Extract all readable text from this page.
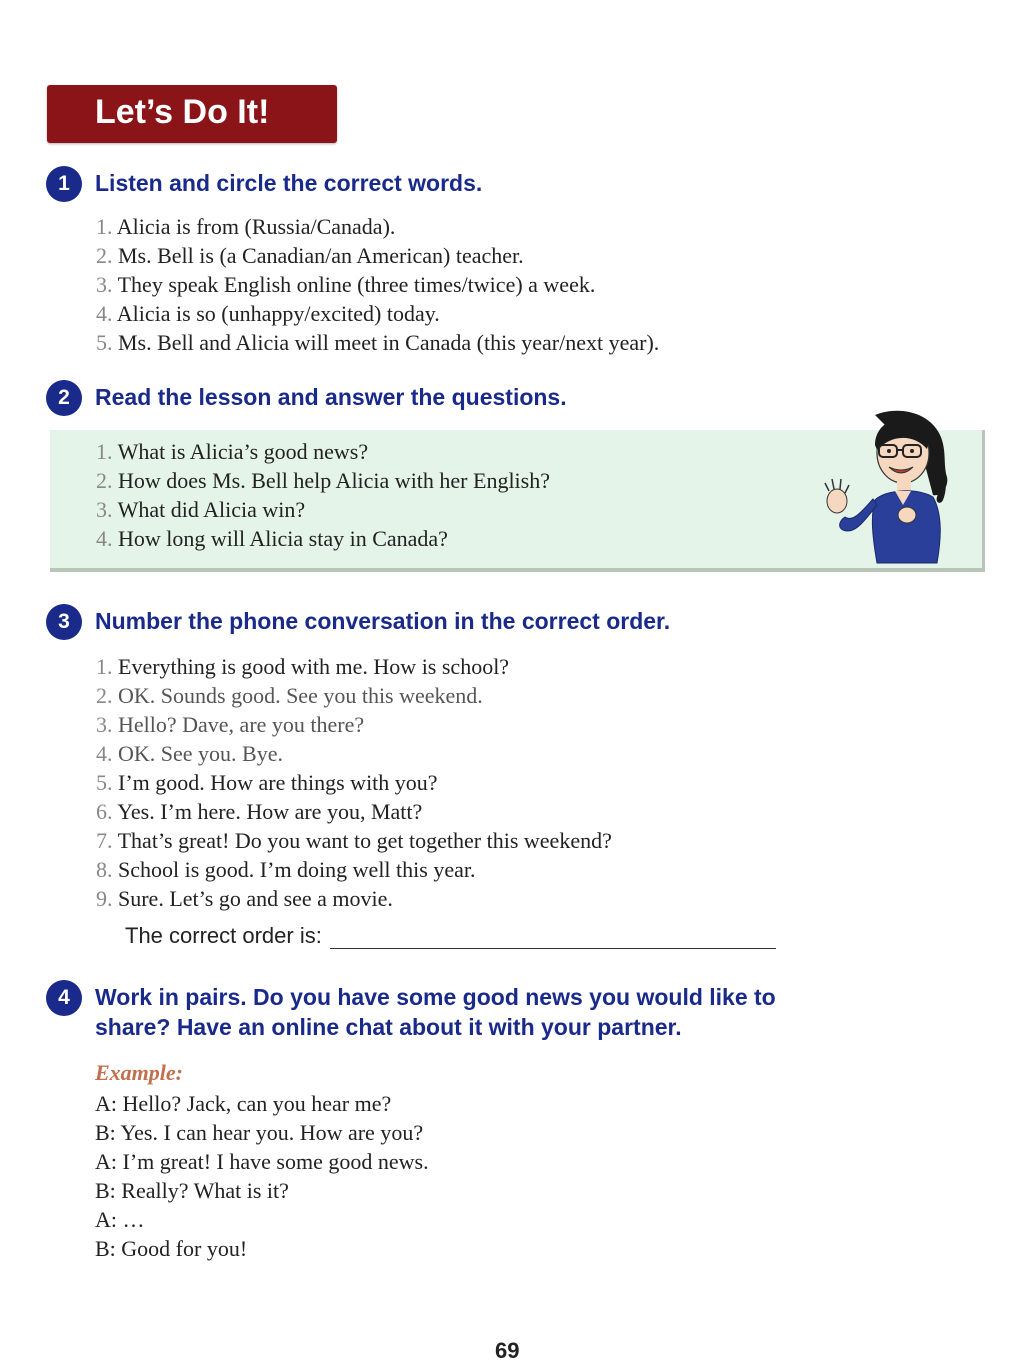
Let’s Do It!
1	Listen and circle the correct words.
1. Alicia is from (Russia/Canada).
2. Ms. Bell is (a Canadian/an American) teacher.
3. They speak English online (three times/twice) a week.
4. Alicia is so (unhappy/excited) today.
5. Ms. Bell and Alicia will meet in Canada (this year/next year).
2	Read the lesson and answer the questions.
1. What is Alicia’s good news?
2. How does Ms. Bell help Alicia with her English?
3. What did Alicia win?
4. How long will Alicia stay in Canada?
3	Number the phone conversation in the correct order.
1. Everything is good with me. How is school?
2. OK. Sounds good. See you this weekend.
3. Hello? Dave, are you there?
4. OK. See you. Bye.
5. I’m good. How are things with you?
6. Yes. I’m here. How are you, Matt?
7. That’s great! Do you want to get together this weekend?
8. School is good. I’m doing well this year.
9. Sure. Let’s go and see a movie.
The correct order is:
4	Work in pairs. Do you have some good news you would like to
share? Have an online chat about it with your partner.
Example:
A: Hello? Jack, can you hear me?
B: Yes. I can hear you. How are you?
A: I’m great! I have some good news.
B: Really? What is it?
A: …
B: Good for you!
69
